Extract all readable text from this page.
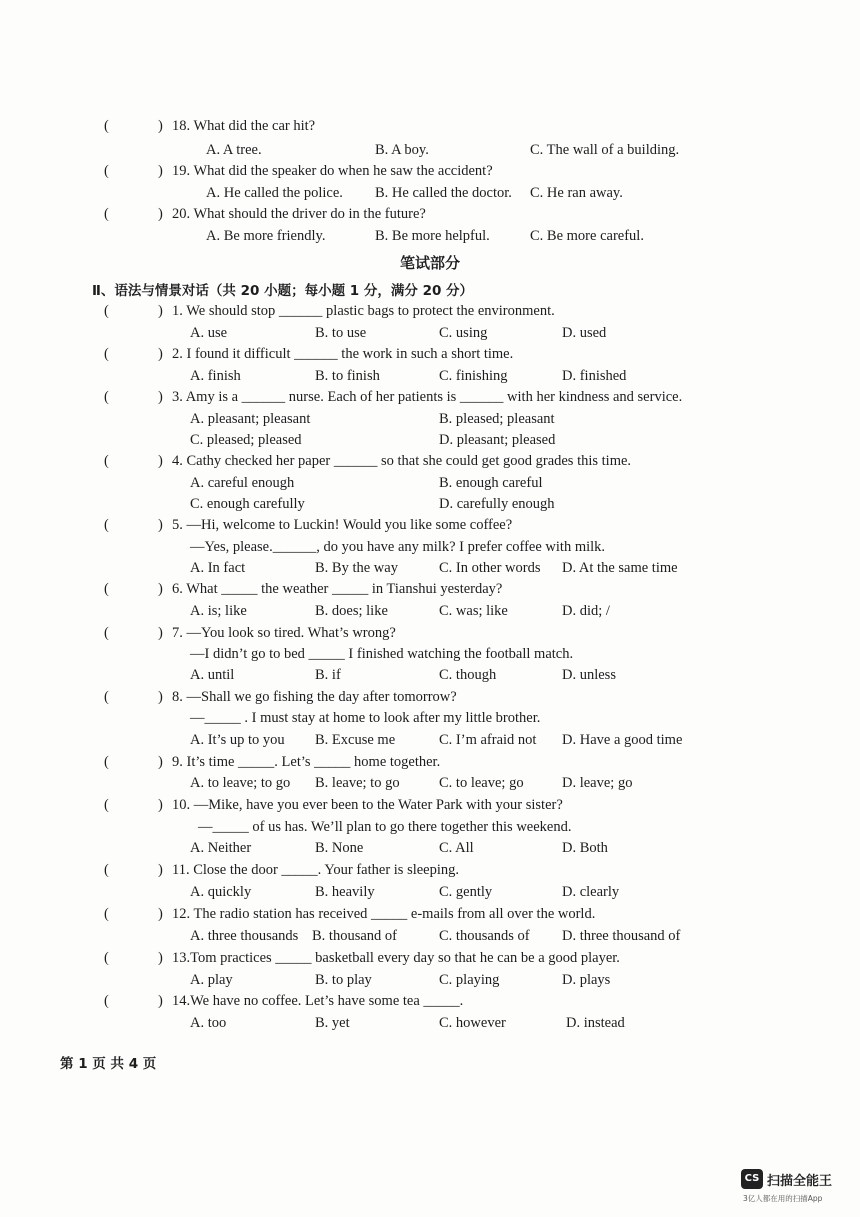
(	) 18. What did the car hit?
A. A tree.	B. A boy.	C. The wall of a building.
(	) 19. What did the speaker do when he saw the accident?
A. He called the police. B. He called the doctor. C. He ran away.
(	) 20. What should the driver do in the future?
A. Be more friendly.	B. Be more helpful.	C. Be more careful.
笔试部分
Ⅱ、语法与情景对话（共 20 小题；每小题 1 分，满分 20 分）
(	) 1. We should stop ______ plastic bags to protect the environment.
A. use	B. to use	C. using	D. used
(	) 2. I found it difficult ______ the work in such a short time.
A. finish	B. to finish	C. finishing	D. finished
(	) 3. Amy is a ______ nurse. Each of her patients is ______ with her kindness and service.
A. pleasant; pleasant	B. pleased; pleasant
C. pleased; pleased	D. pleasant; pleased
(	) 4. Cathy checked her paper ______ so that she could get good grades this time.
A. careful enough	B. enough careful
C. enough carefully	D. carefully enough
(	) 5. —Hi, welcome to Luckin! Would you like some coffee?
—Yes, please.______, do you have any milk? I prefer coffee with milk.
A. In fact	B. By the way	C. In other words D. At the same time
(	) 6. What _____ the weather _____ in Tianshui yesterday?
A. is; like	B. does; like	C. was; like	D. did; /
(	) 7. —You look so tired. What’s wrong?
—I didn’t go to bed _____ I finished watching the football match.
A. until	B. if	C. though	D. unless
(	) 8. —Shall we go fishing the day after tomorrow?
—_____ . I must stay at home to look after my little brother.
A. It’s up to you B. Excuse me	C. I’m afraid not D. Have a good time
(	) 9. It’s time _____. Let’s _____ home together.
A. to leave; to go B. leave; to go	C. to leave; go	D. leave; go
(	) 10. —Mike, have you ever been to the Water Park with your sister?
—_____ of us has. We’ll plan to go there together this weekend.
A. Neither	B. None	C. All	D. Both
(	) 11. Close the door _____. Your father is sleeping.
A. quickly	B. heavily	C. gently	D. clearly
(	) 12. The radio station has received _____ e-mails from all over the world.
A. three thousands B. thousand of	C. thousands of D. three thousand of
(	) 13.Tom practices _____ basketball every day so that he can be a good player.
A. play	B. to play	C. playing	D. plays
(	) 14.We have no coffee. Let’s have some tea _____.
A. too	B. yet	C. however	D. instead
第 1 页 共 4 页
CS 扫描全能王
3亿人都在用的扫描App
